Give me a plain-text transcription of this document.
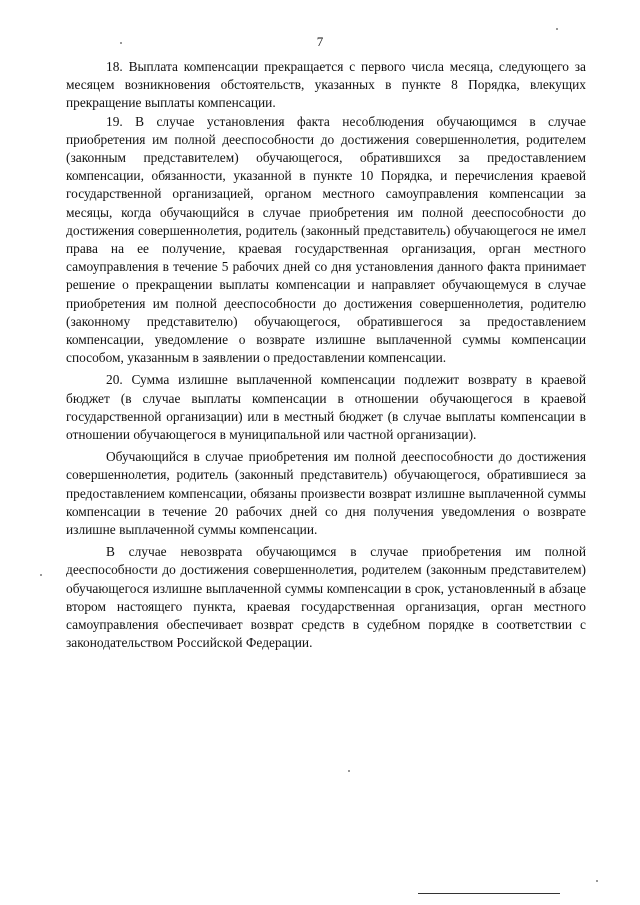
7

18. Выплата компенсации прекращается с первого числа месяца, следующего за месяцем возникновения обстоятельств, указанных в пункте 8 Порядка, влекущих прекращение выплаты компенсации.

19. В случае установления факта несоблюдения обучающимся в случае приобретения им полной дееспособности до достижения совершеннолетия, родителем (законным представителем) обучающегося, обратившихся за предоставлением компенсации, обязанности, указанной в пункте 10 Порядка, и перечисления краевой государственной организацией, органом местного самоуправления компенсации за месяцы, когда обучающийся в случае приобретения им полной дееспособности до достижения совершеннолетия, родитель (законный представитель) обучающегося не имел права на ее получение, краевая государственная организация, орган местного самоуправления в течение 5 рабочих дней со дня установления данного факта принимает решение о прекращении выплаты компенсации и направляет обучающемуся в случае приобретения им полной дееспособности до достижения совершеннолетия, родителю (законному представителю) обучающегося, обратившегося за предоставлением компенсации, уведомление о возврате излишне выплаченной суммы компенсации способом, указанным в заявлении о предоставлении компенсации.

20. Сумма излишне выплаченной компенсации подлежит возврату в краевой бюджет (в случае выплаты компенсации в отношении обучающегося в краевой государственной организации) или в местный бюджет (в случае выплаты компенсации в отношении обучающегося в муниципальной или частной организации).

Обучающийся в случае приобретения им полной дееспособности до достижения совершеннолетия, родитель (законный представитель) обучающегося, обратившиеся за предоставлением компенсации, обязаны произвести возврат излишне выплаченной суммы компенсации в течение 20 рабочих дней со дня получения уведомления о возврате излишне выплаченной суммы компенсации.

В случае невозврата обучающимся в случае приобретения им полной дееспособности до достижения совершеннолетия, родителем (законным представителем) обучающегося излишне выплаченной суммы компенсации в срок, установленный в абзаце втором настоящего пункта, краевая государственная организация, орган местного самоуправления обеспечивает возврат средств в судебном порядке в соответствии с законодательством Российской Федерации.
